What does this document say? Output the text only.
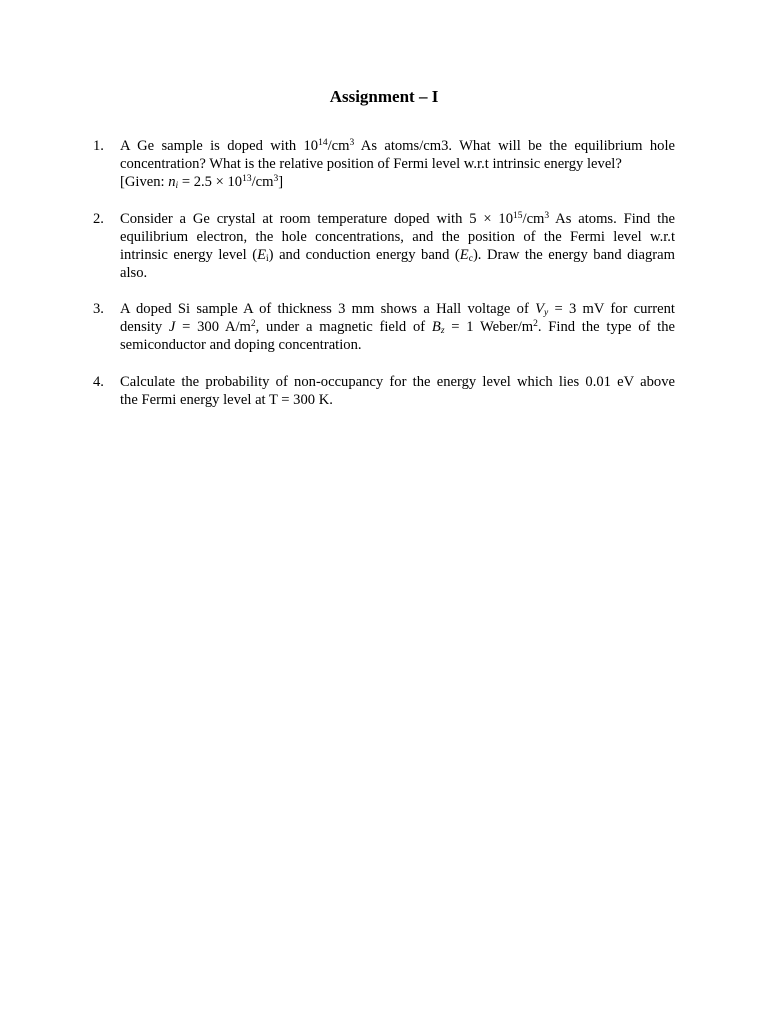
Assignment – I
1.	A Ge sample is doped with $10^{14}/cm^3$ As atoms/cm3. What will be the equilibrium hole
concentration? What is the relative position of Fermi level w.r.t intrinsic energy level?
[Given: $n_i = 2.5 \times 10^{13}/cm^3$]
2.	Consider a Ge crystal at room temperature doped with $5 \times 10^{15}/cm^3$ As atoms. Find the
equilibrium electron, the hole concentrations, and the position of the Fermi level w.r.t
intrinsic energy level $(E_i)$ and conduction energy band $(E_c)$. Draw the energy band diagram
also.
3.	A doped Si sample A of thickness 3 mm shows a Hall voltage of $V_y = 3$ mV for current
density J = 300 $A/m^2$, under a magnetic field of $B_z = 1$ Weber/$m^2$. Find the type of the
semiconductor and doping concentration.
4.	Calculate the probability of non-occupancy for the energy level which lies 0.01 eV above
the Fermi energy level at T = 300 K.
